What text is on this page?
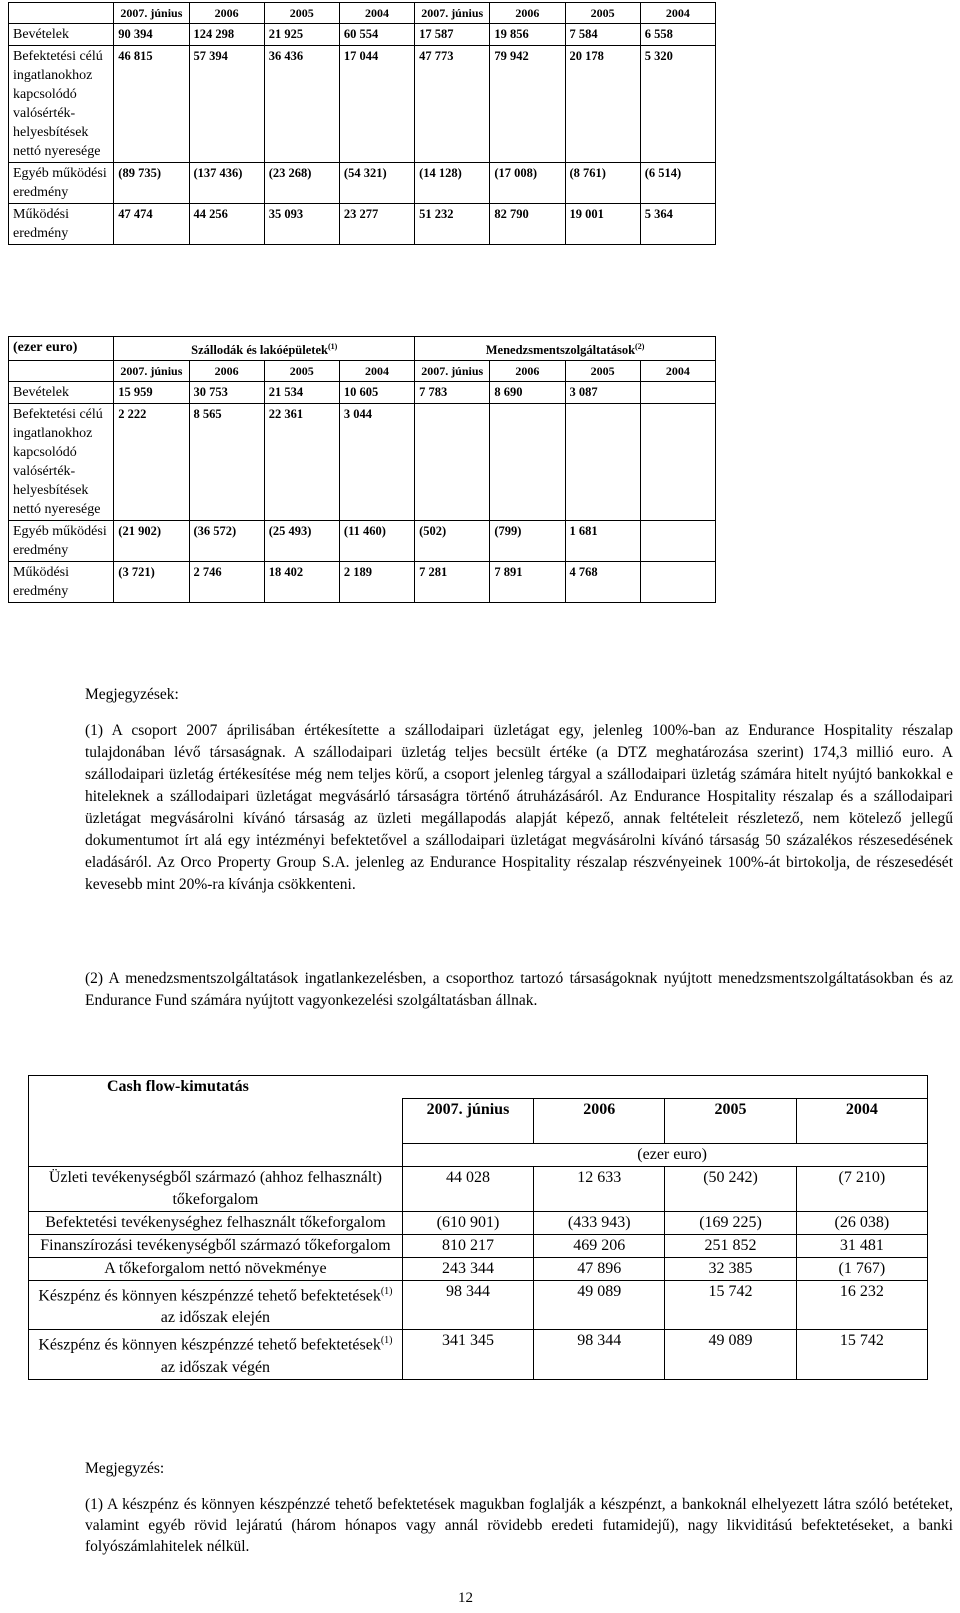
	2007. június	2006	2005	2004	2007. június	2006	2005	2004
Bevételek	90 394	124 298	21 925	60 554	17 587	19 856	7 584	6 558
Befektetési célú ingatlanokhoz kapcsolódó valósérték-helyesbítések nettó nyeresége	46 815	57 394	36 436	17 044	47 773	79 942	20 178	5 320
Egyéb működési eredmény	(89 735)	(137 436)	(23 268)	(54 321)	(14 128)	(17 008)	(8 761)	(6 514)
Működési eredmény	47 474	44 256	35 093	23 277	51 232	82 790	19 001	5 364
(ezer euro)	Szállodák és lakóépületek$^{(1)}$				Menedzsmentszolgáltatások$^{(2)}$
	2007. június	2006	2005	2004	2007. június	2006	2005	2004
Bevételek	15 959	30 753	21 534	10 605	7 783	8 690	3 087	
Befektetési célú ingatlanokhoz kapcsolódó valósérték-helyesbítések nettó nyeresége	2 222	8 565	22 361	3 044				
Egyéb működési eredmény	(21 902)	(36 572)	(25 493)	(11 460)	(502)	(799)	1 681	
Működési eredmény	(3 721)	2 746	18 402	2 189	7 281	7 891	4 768	
Megjegyzések:
(1) A csoport 2007 áprilisában értékesítette a szállodaipari üzletágat egy, jelenleg 100%-ban az Endurance Hospitality részalap tulajdonában lévő társaságnak. A szállodaipari üzletág teljes becsült értéke (a DTZ meghatározása szerint) 174,3 millió euro. A szállodaipari üzletág értékesítése még nem teljes körű, a csoport jelenleg tárgyal a szállodaipari üzletág számára hitelt nyújtó bankokkal e hiteleknek a szállodaipari üzletágat megvásárló társaságra történő átruházásáról. Az Endurance Hospitality részalap és a szállodaipari üzletágat megvásárolni kívánó társaság az üzleti megállapodás alapját képező, annak feltételeit részletező, nem kötelező jellegű dokumentumot írt alá egy intézményi befektetővel a szállodaipari üzletágat megvásárolni kívánó társaság 50 százalékos részesedésének eladásáról. Az Orco Property Group S.A. jelenleg az Endurance Hospitality részalap részvényeinek 100%-át birtokolja, de részesedését kevesebb mint 20%-ra kívánja csökkenteni.
(2) A menedzsmentszolgáltatások ingatlankezelésben, a csoporthoz tartozó társaságoknak nyújtott menedzsmentszolgáltatásokban és az Endurance Fund számára nyújtott vagyonkezelési szolgáltatásban állnak.
Cash flow-kimutatás				
	2007. június	2006	2005	2004
	(ezer euro)			
Üzleti tevékenységből származó (ahhoz felhasznált) tőkeforgalom	44 028	12 633	(50 242)	(7 210)
Befektetési tevékenységhez felhasznált tőkeforgalom	(610 901)	(433 943)	(169 225)	(26 038)
Finanszírozási tevékenységből származó tőkeforgalom	810 217	469 206	251 852	31 481
A tőkeforgalom nettó növekménye	243 344	47 896	32 385	(1 767)
Készpénz és könnyen készpénzzé tehető befektetések$^{(1)}$ az időszak elején	98 344	49 089	15 742	16 232
Készpénz és könnyen készpénzzé tehető befektetések$^{(1)}$ az időszak végén	341 345	98 344	49 089	15 742
Megjegyzés:
(1) A készpénz és könnyen készpénzzé tehető befektetések magukban foglalják a készpénzt, a bankoknál elhelyezett látra szóló betéteket, valamint egyéb rövid lejáratú (három hónapos vagy annál rövidebb eredeti futamidejű), nagy likviditású befektetéseket, a banki folyószámlahitelek nélkül.
12
